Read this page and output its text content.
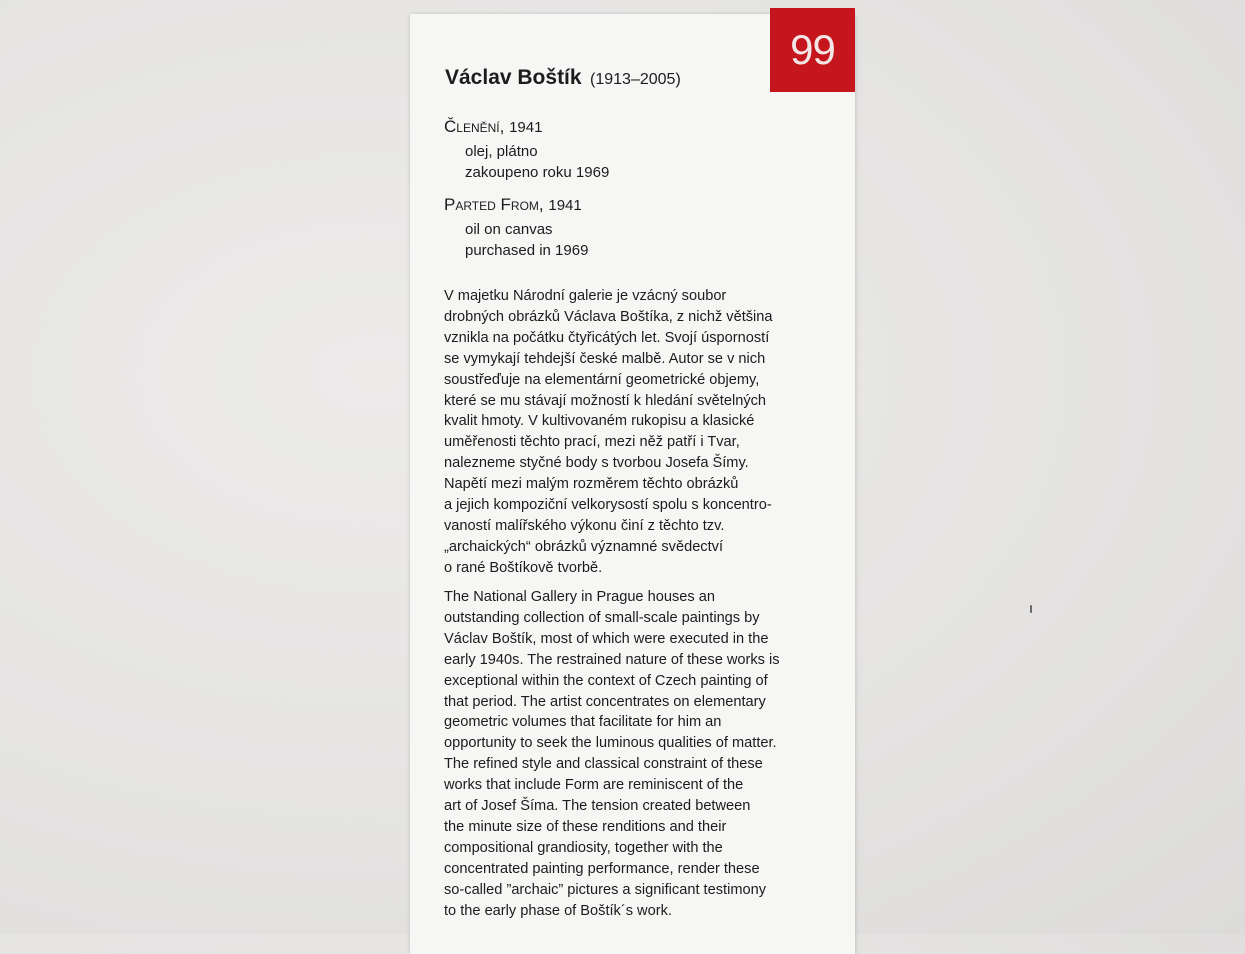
99
Václav Boštík (1913–2005)
Členění, 1941
olej, plátno
zakoupeno roku 1969
Parted From, 1941
oil on canvas
purchased in 1969
V majetku Národní galerie je vzácný soubor
drobných obrázků Václava Boštíka, z nichž většina
vznikla na počátku čtyřicátých let. Svojí úsporností
se vymykají tehdejší české malbě. Autor se v nich
soustřeďuje na elementární geometrické objemy,
které se mu stávají možností k hledání světelných
kvalit hmoty. V kultivovaném rukopisu a klasické
uměřenosti těchto prací, mezi něž patří i Tvar,
nalezneme styčné body s tvorbou Josefa Šímy.
Napětí mezi malým rozměrem těchto obrázků
a jejich kompoziční velkorysostí spolu s koncentro-
vaností malířského výkonu činí z těchto tzv.
„archaických“ obrázků významné svědectví
o rané Boštíkově tvorbě.
The National Gallery in Prague houses an
outstanding collection of small-scale paintings by
Václav Boštík, most of which were executed in the
early 1940s. The restrained nature of these works is
exceptional within the context of Czech painting of
that period. The artist concentrates on elementary
geometric volumes that facilitate for him an
opportunity to seek the luminous qualities of matter.
The refined style and classical constraint of these
works that include Form are reminiscent of the
art of Josef Šíma. The tension created between
the minute size of these renditions and their
compositional grandiosity, together with the
concentrated painting performance, render these
so-called ”archaic” pictures a significant testimony
to the early phase of Boštík´s work.
